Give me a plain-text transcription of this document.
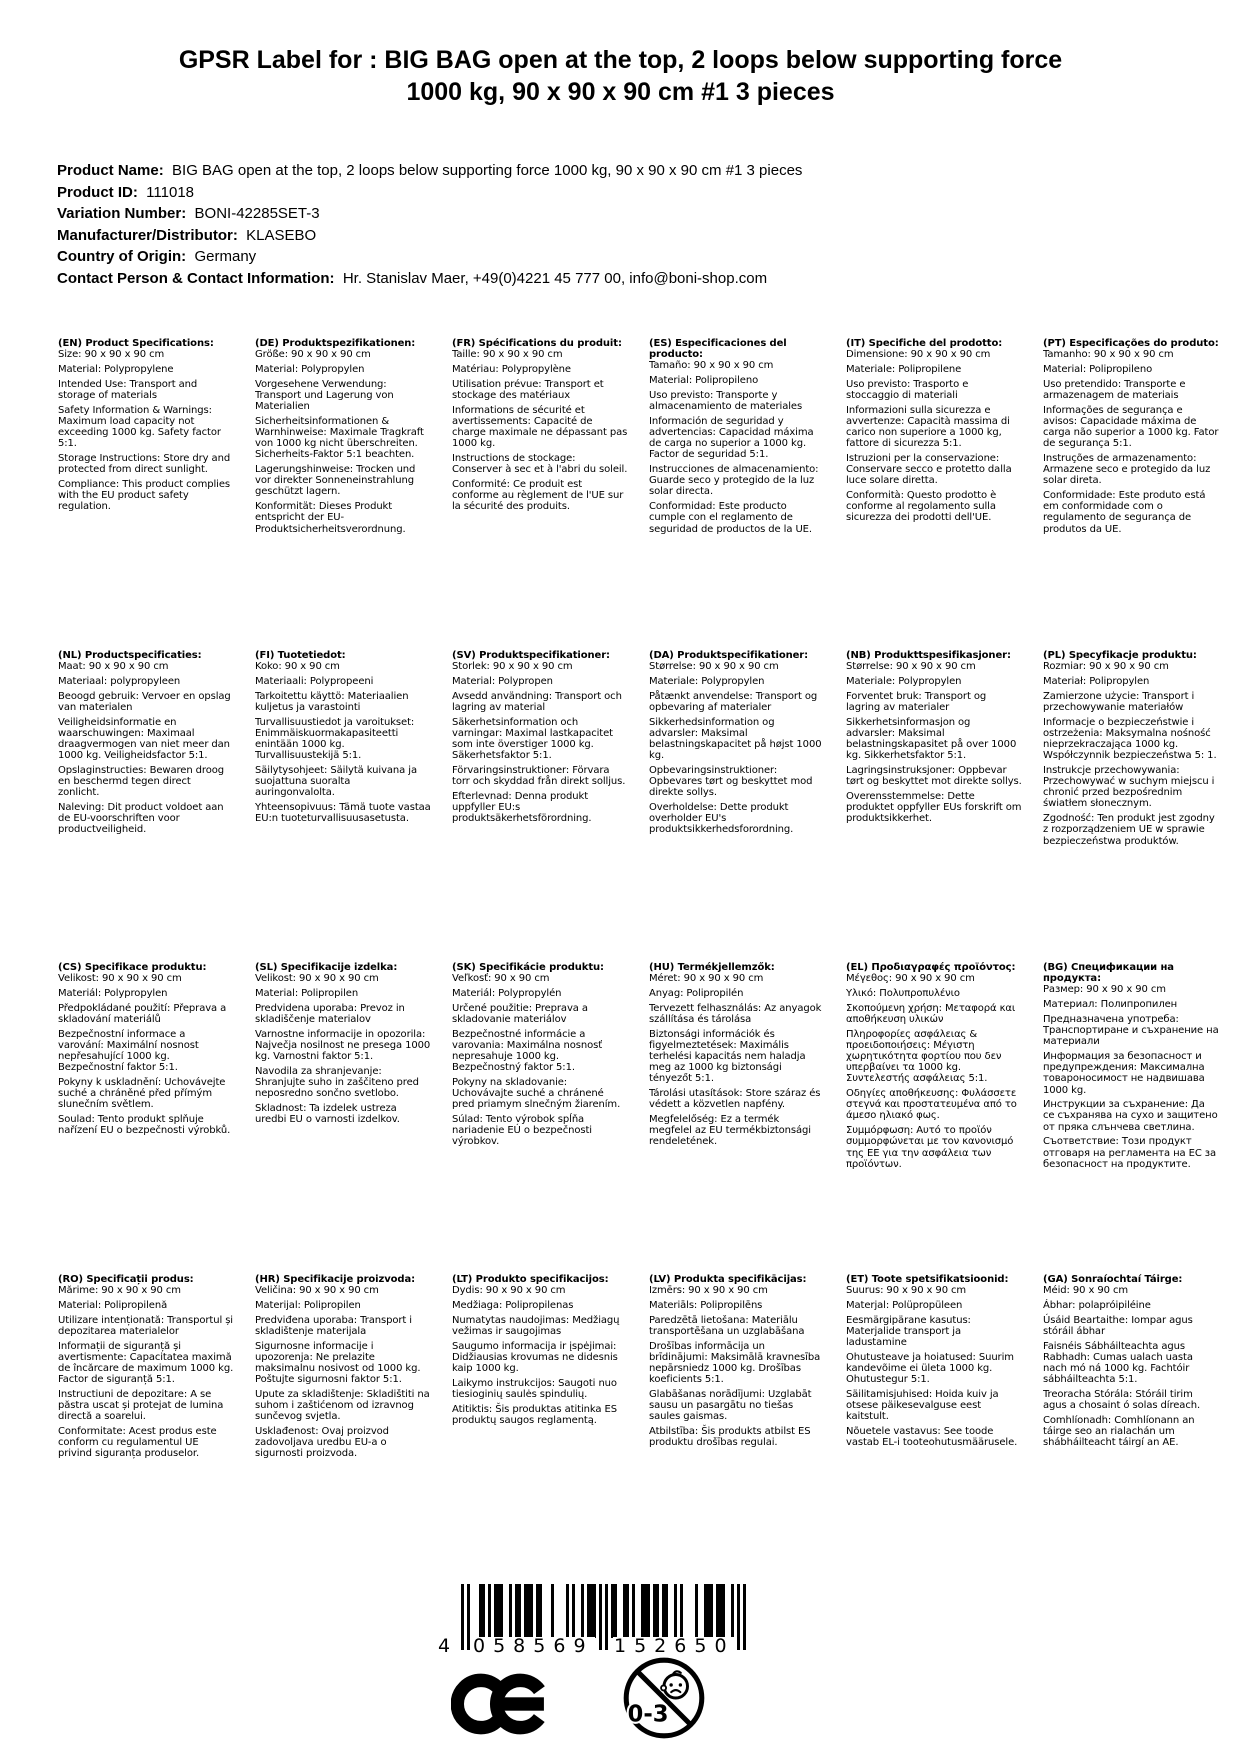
GPSR Label for : BIG BAG open at the top, 2 loops below supporting force 1000 kg, 90 x 90 x 90 cm #1 3 pieces
Product Name:  BIG BAG open at the top, 2 loops below supporting force 1000 kg, 90 x 90 x 90 cm #1 3 pieces
Product ID:  111018
Variation Number:  BONI-42285SET-3
Manufacturer/Distributor:  KLASEBO
Country of Origin:  Germany
Contact Person & Contact Information:  Hr. Stanislav Maer, +49(0)4221 45 777 00, info@boni-shop.com
(EN) Product Specifications:

Size: 90 x 90 x 90 cm

Material: Polypropylene

Intended Use: Transport and storage of materials

Safety Information & Warnings: Maximum load capacity not exceeding 1000 kg. Safety factor 5:1.

Storage Instructions: Store dry and protected from direct sunlight.

Compliance: This product complies with the EU product safety regulation.

(DE) Produktspezifikationen:

Größe: 90 x 90 x 90 cm

Material: Polypropylen

Vorgesehene Verwendung: Transport und Lagerung von Materialien

Sicherheitsinformationen & Warnhinweise: Maximale Tragkraft von 1000 kg nicht überschreiten. Sicherheits-Faktor 5:1 beachten.

Lagerungshinweise: Trocken und vor direkter Sonneneinstrahlung geschützt lagern.

Konformität: Dieses Produkt entspricht der EU-Produktsicherheitsverordnung.

(FR) Spécifications du produit:

Taille: 90 x 90 x 90 cm

Matériau: Polypropylène

Utilisation prévue: Transport et stockage des matériaux

Informations de sécurité et avertissements: Capacité de charge maximale ne dépassant pas 1000 kg.

Instructions de stockage: Conserver à sec et à l'abri du soleil.

Conformité: Ce produit est conforme au règlement de l'UE sur la sécurité des produits.

(ES) Especificaciones del producto:

Tamaño: 90 x 90 x 90 cm

Material: Polipropileno

Uso previsto: Transporte y almacenamiento de materiales

Información de seguridad y advertencias: Capacidad máxima de carga no superior a 1000 kg. Factor de seguridad 5:1.

Instrucciones de almacenamiento: Guarde seco y protegido de la luz solar directa.

Conformidad: Este producto cumple con el reglamento de seguridad de productos de la UE.

(IT) Specifiche del prodotto:

Dimensione: 90 x 90 x 90 cm

Materiale: Polipropilene

Uso previsto: Trasporto e stoccaggio di materiali

Informazioni sulla sicurezza e avvertenze: Capacità massima di carico non superiore a 1000 kg, fattore di sicurezza 5:1.

Istruzioni per la conservazione: Conservare secco e protetto dalla luce solare diretta.

Conformità: Questo prodotto è conforme al regolamento sulla sicurezza dei prodotti dell'UE.

(PT) Especificações do produto:

Tamanho: 90 x 90 x 90 cm

Material: Polipropileno

Uso pretendido: Transporte e armazenagem de materiais

Informações de segurança e avisos: Capacidade máxima de carga não superior a 1000 kg. Fator de segurança 5:1.

Instruções de armazenamento: Armazene seco e protegido da luz solar direta.

Conformidade: Este produto está em conformidade com o regulamento de segurança de produtos da UE.

(NL) Productspecificaties:

Maat: 90 x 90 x 90 cm

Materiaal: polypropyleen

Beoogd gebruik: Vervoer en opslag van materialen

Veiligheidsinformatie en waarschuwingen: Maximaal draagvermogen van niet meer dan 1000 kg. Veiligheidsfactor 5:1.

Opslaginstructies: Bewaren droog en beschermd tegen direct zonlicht.

Naleving: Dit product voldoet aan de EU-voorschriften voor productveiligheid.

(FI) Tuotetiedot:

Koko: 90 x 90 cm

Materiaali: Polypropeeni

Tarkoitettu käyttö: Materiaalien kuljetus ja varastointi

Turvallisuustiedot ja varoitukset: Enimmäiskuormakapasiteetti enintään 1000 kg. Turvallisuustekijä 5:1.

Säilytysohjeet: Säilytä kuivana ja suojattuna suoralta auringonvalolta.

Yhteensopivuus: Tämä tuote vastaa EU:n tuoteturvallisuusasetusta.

(SV) Produktspecifikationer:

Storlek: 90 x 90 x 90 cm

Material: Polypropen

Avsedd användning: Transport och lagring av material

Säkerhetsinformation och varningar: Maximal lastkapacitet som inte överstiger 1000 kg. Säkerhetsfaktor 5:1.

Förvaringsinstruktioner: Förvara torr och skyddad från direkt solljus.

Efterlevnad: Denna produkt uppfyller EU:s produktsäkerhetsförordning.

(DA) Produktspecifikationer:

Størrelse: 90 x 90 x 90 cm

Materiale: Polypropylen

Påtænkt anvendelse: Transport og opbevaring af materialer

Sikkerhedsinformation og advarsler: Maksimal belastningskapacitet på højst 1000 kg.

Opbevaringsinstruktioner: Opbevares tørt og beskyttet mod direkte sollys.

Overholdelse: Dette produkt overholder EU's produktsikkerhedsforordning.

(NB) Produkttspesifikasjoner:

Størrelse: 90 x 90 x 90 cm

Materiale: Polypropylen

Forventet bruk: Transport og lagring av materialer

Sikkerhetsinformasjon og advarsler: Maksimal belastningskapasitet på over 1000 kg. Sikkerhetsfaktor 5:1.

Lagringsinstruksjoner: Oppbevar tørt og beskyttet mot direkte sollys.

Overensstemmelse: Dette produktet oppfyller EUs forskrift om produktsikkerhet.

(PL) Specyfikacje produktu:

Rozmiar: 90 x 90 x 90 cm

Materiał: Polipropylen

Zamierzone użycie: Transport i przechowywanie materiałów

Informacje o bezpieczeństwie i ostrzeżenia: Maksymalna nośność nieprzekraczająca 1000 kg. Współczynnik bezpieczeństwa 5: 1.

Instrukcje przechowywania: Przechowywać w suchym miejscu i chronić przed bezpośrednim światłem słonecznym.

Zgodność: Ten produkt jest zgodny z rozporządzeniem UE w sprawie bezpieczeństwa produktów.

(CS) Specifikace produktu:

Velikost: 90 x 90 x 90 cm

Materiál: Polypropylen

Předpokládané použití: Přeprava a skladování materiálů

Bezpečnostní informace a varování: Maximální nosnost nepřesahující 1000 kg. Bezpečnostní faktor 5:1.

Pokyny k uskladnění: Uchovávejte suché a chráněné před přímým slunečním světlem.

Soulad: Tento produkt splňuje nařízení EU o bezpečnosti výrobků.

(SL) Specifikacije izdelka:

Velikost: 90 x 90 x 90 cm

Material: Polipropilen

Predvidena uporaba: Prevoz in skladiščenje materialov

Varnostne informacije in opozorila: Največja nosilnost ne presega 1000 kg. Varnostni faktor 5:1.

Navodila za shranjevanje: Shranjujte suho in zaščiteno pred neposredno sončno svetlobo.

Skladnost: Ta izdelek ustreza uredbi EU o varnosti izdelkov.

(SK) Špecifikácie produktu:

Veľkosť: 90 x 90 cm

Materiál: Polypropylén

Určené použitie: Preprava a skladovanie materiálov

Bezpečnostné informácie a varovania: Maximálna nosnosť nepresahuje 1000 kg. Bezpečnostný faktor 5:1.

Pokyny na skladovanie: Uchovávajte suché a chránené pred priamym slnečným žiarením.

Súlad: Tento výrobok spĺňa nariadenie EÚ o bezpečnosti výrobkov.

(HU) Termékjellemzők:

Méret: 90 x 90 x 90 cm

Anyag: Polipropilén

Tervezett felhasználás: Az anyagok szállítása és tárolása

Biztonsági információk és figyelmeztetések: Maximális terhelési kapacitás nem haladja meg az 1000 kg biztonsági tényezőt 5:1.

Tárolási utasítások: Store száraz és védett a közvetlen napfény.

Megfelelőség: Ez a termék megfelel az EU termékbiztonsági rendeletének.

(EL) Προδιαγραφές προϊόντος:

Μέγεθος: 90 x 90 x 90 cm

Υλικό: Πολυπροπυλένιο

Σκοπούμενη χρήση: Μεταφορά και αποθήκευση υλικών

Πληροφορίες ασφάλειας & προειδοποιήσεις: Μέγιστη χωρητικότητα φορτίου που δεν υπερβαίνει τα 1000 kg. Συντελεστής ασφάλειας 5:1.

Οδηγίες αποθήκευσης: Φυλάσσετε στεγνά και προστατευμένα από το άμεσο ηλιακό φως.

Συμμόρφωση: Αυτό το προϊόν συμμορφώνεται με τον κανονισμό της ΕΕ για την ασφάλεια των προϊόντων.

(BG) Спецификации на продукта:

Размер: 90 x 90 x 90 cm

Материал: Полипропилен

Предназначена употреба: Транспортиране и съхранение на материали

Информация за безопасност и предупреждения: Максимална товароносимост не надвишава 1000 kg.

Инструкции за съхранение: Да се съхранява на сухо и защитено от пряка слънчева светлина.

Съответствие: Този продукт отговаря на регламента на ЕС за безопасност на продуктите.

(RO) Specificații produs:

Mărime: 90 x 90 x 90 cm

Material: Polipropilenă

Utilizare intenționată: Transportul și depozitarea materialelor

Informații de siguranță și avertismente: Capacitatea maximă de încărcare de maximum 1000 kg. Factor de siguranță 5:1.

Instructiuni de depozitare: A se păstra uscat și protejat de lumina directă a soarelui.

Conformitate: Acest produs este conform cu regulamentul UE privind siguranța produselor.

(HR) Specifikacije proizvoda:

Veličina: 90 x 90 x 90 cm

Materijal: Polipropilen

Predviđena uporaba: Transport i skladištenje materijala

Sigurnosne informacije i upozorenja: Ne prelazite maksimalnu nosivost od 1000 kg. Poštujte sigurnosni faktor 5:1.

Upute za skladištenje: Skladištiti na suhom i zaštićenom od izravnog sunčevog svjetla.

Usklađenost: Ovaj proizvod zadovoljava uredbu EU-a o sigurnosti proizvoda.

(LT) Produkto specifikacijos:

Dydis: 90 x 90 x 90 cm

Medžiaga: Polipropilenas

Numatytas naudojimas: Medžiagų vežimas ir saugojimas

Saugumo informacija ir įspėjimai: Didžiausias krovumas ne didesnis kaip 1000 kg.

Laikymo instrukcijos: Saugoti nuo tiesioginių saulės spindulių.

Atitiktis: Šis produktas atitinka ES produktų saugos reglamentą.

(LV) Produkta specifikācijas:

Izmērs: 90 x 90 x 90 cm

Materiāls: Polipropilēns

Paredzētā lietošana: Materiālu transportēšana un uzglabāšana

Drošības informācija un brīdinājumi: Maksimālā kravnesība nepārsniedz 1000 kg. Drošības koeficients 5:1.

Glabāšanas norādījumi: Uzglabāt sausu un pasargātu no tiešas saules gaismas.

Atbilstība: Šis produkts atbilst ES produktu drošības regulai.

(ET) Toote spetsifikatsioonid:

Suurus: 90 x 90 x 90 cm

Materjal: Polüpropüleen

Eesmärgipärane kasutus: Materjalide transport ja ladustamine

Ohutusteave ja hoiatused: Suurim kandevõime ei ületa 1000 kg. Ohutustegur 5:1.

Säilitamisjuhised: Hoida kuiv ja otsese päikesevalguse eest kaitstult.

Nõuetele vastavus: See toode vastab EL-i tooteohutusmäärusele.

(GA) Sonraíochtaí Táirge:

Méid: 90 x 90 cm

Ábhar: polapróipiléine

Úsáid Beartaithe: Iompar agus stóráil ábhar

Faisnéis Sábháilteachta agus Rabhadh: Cumas ualach uasta nach mó ná 1000 kg. Fachtóir sábháilteachta 5:1.

Treoracha Stórála: Stóráil tirim agus a chosaint ó solas díreach.

Comhlíonadh: Comhlíonann an táirge seo an rialachán um shábháilteacht táirgí an AE.

4 058569 152650
0-3
